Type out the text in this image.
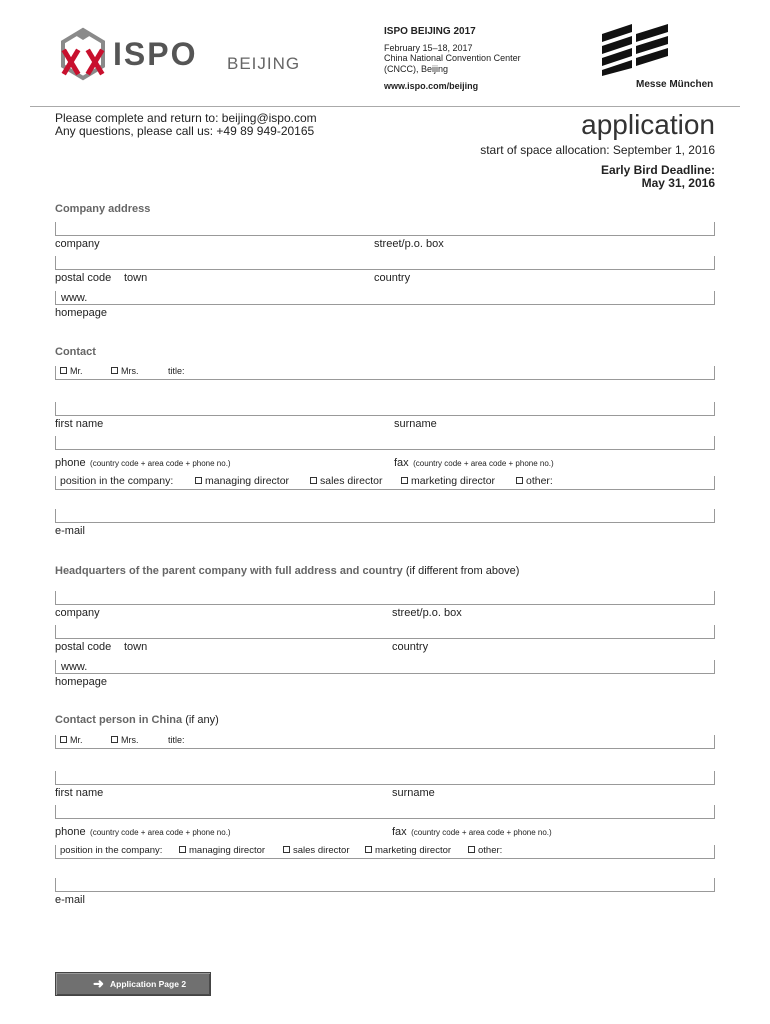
ISPO BEIJING
ISPO BEIJING 2017
February 15–18, 2017
China National Convention Center
(CNCC), Beijing
www.ispo.com/beijing	Messe München
Please complete and return to: beijing@ispo.com
Any questions, please call us: +49 89 949-20165	application
start of space allocation: September 1, 2016
Early Bird Deadline:
May 31, 2016
Company address
company	street/p.o. box
postal code town	country
www.
homepage
Contact
Mr.	Mrs.	title:
first name	surname
phone (country code + area code + phone no.)	fax (country code + area code + phone no.)
position in the company:	managing director	sales director	marketing director	other:
e-mail
Headquarters of the parent company with full address and country (if different from above)
company	street/p.o. box
postal code town	country
www.
homepage
Contact person in China (if any)
Mr.	Mrs.	title:
first name	surname
phone (country code + area code + phone no.)	fax (country code + area code + phone no.)
position in the company:	managing director	sales director	marketing director	other:
e-mail
➜ Application Page 2
